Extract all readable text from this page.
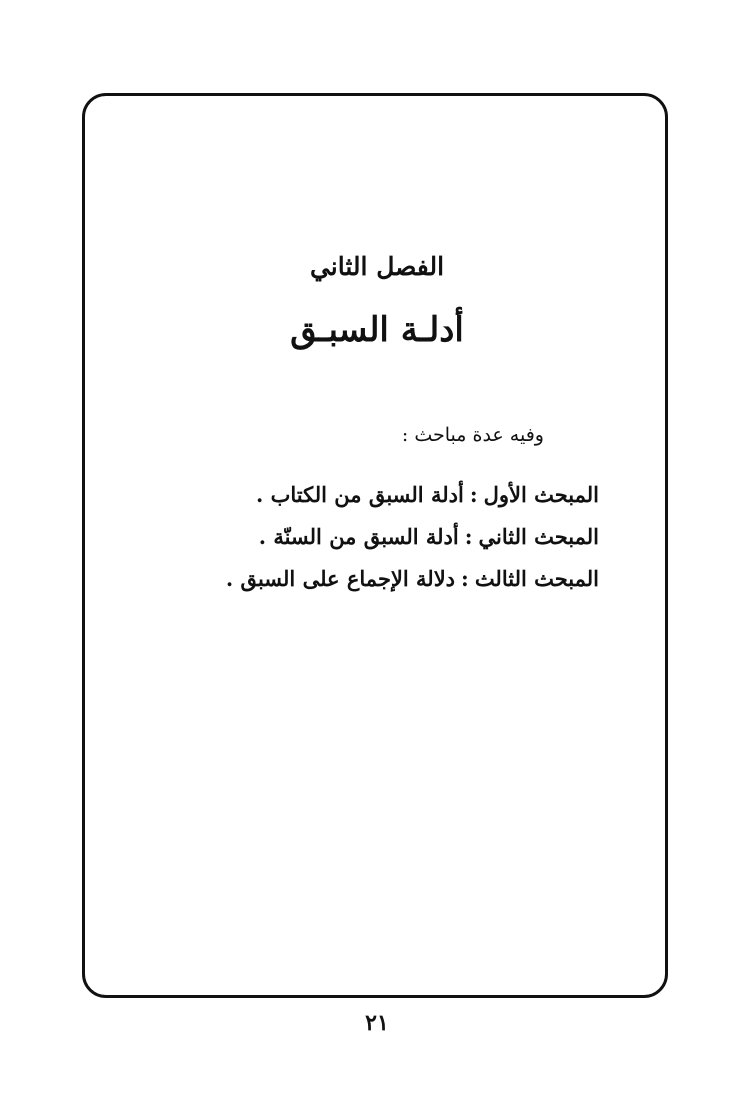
الفصل الثاني
أدلـة السبـق
وفيه عدة مباحث :
المبحث الأول:أدلة السبق من الكتاب .
المبحث الثاني:أدلة السبق من السنّة .
المبحث الثالث:دلالة الإجماع على السبق .
٢١
